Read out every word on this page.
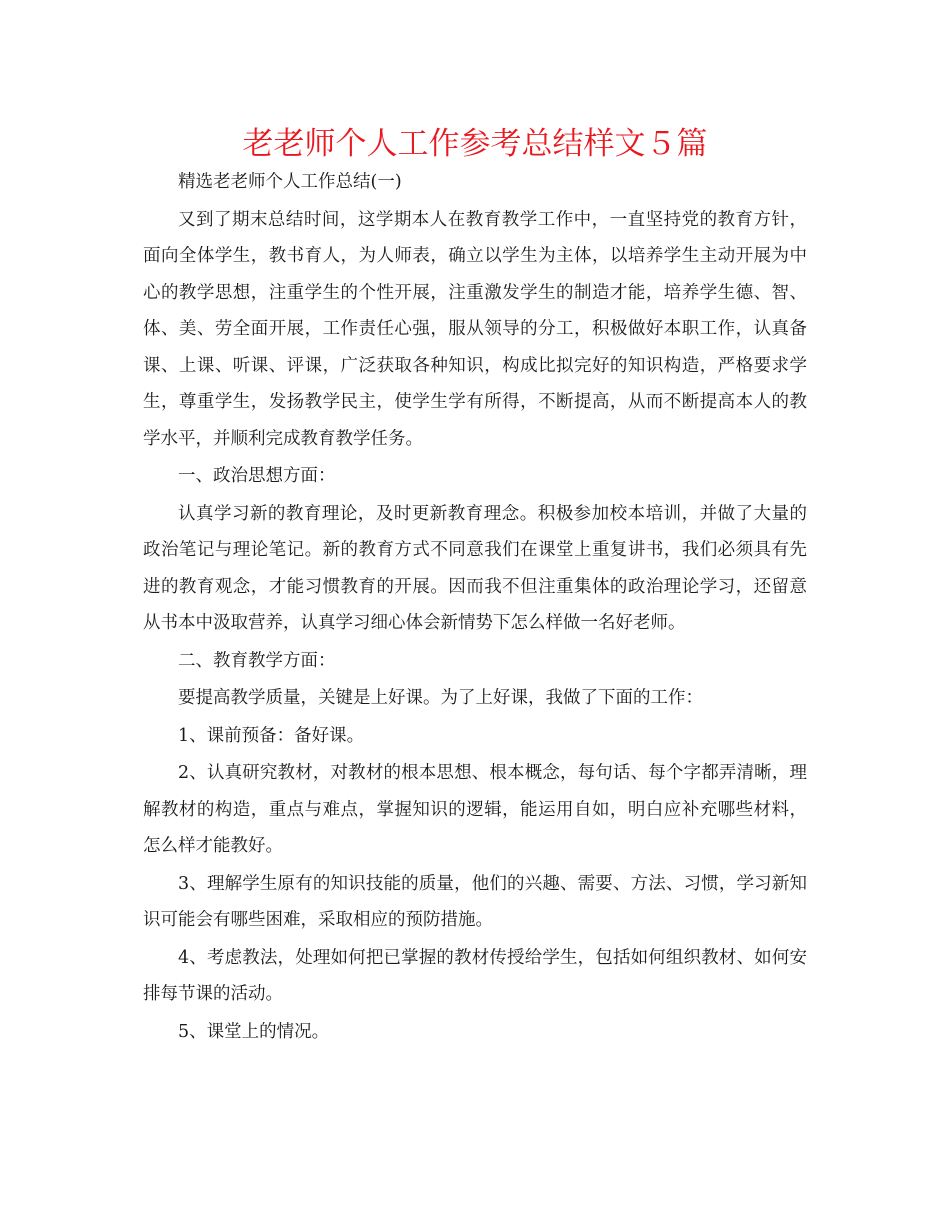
老老师个人工作参考总结样文５篇

精选老老师个人工作总结(一)

又到了期末总结时间，这学期本人在教育教学工作中，一直坚持党的教育方针，面向全体学生，教书育人，为人师表，确立以学生为主体，以培养学生主动开展为中心的教学思想，注重学生的个性开展，注重激发学生的制造才能，培养学生德、智、体、美、劳全面开展，工作责任心强，服从领导的分工，积极做好本职工作，认真备课、上课、听课、评课，广泛获取各种知识，构成比拟完好的知识构造，严格要求学生，尊重学生，发扬教学民主，使学生学有所得，不断提高，从而不断提高本人的教学水平，并顺利完成教育教学任务。

一、政治思想方面：

认真学习新的教育理论，及时更新教育理念。积极参加校本培训，并做了大量的政治笔记与理论笔记。新的教育方式不同意我们在课堂上重复讲书，我们必须具有先进的教育观念，才能习惯教育的开展。因而我不但注重集体的政治理论学习，还留意从书本中汲取营养，认真学习细心体会新情势下怎么样做一名好老师。

二、教育教学方面：

要提高教学质量，关键是上好课。为了上好课，我做了下面的工作：

1、课前预备：备好课。

2、认真研究教材，对教材的根本思想、根本概念，每句话、每个字都弄清晰，理解教材的构造，重点与难点，掌握知识的逻辑，能运用自如，明白应补充哪些材料，怎么样才能教好。

3、理解学生原有的知识技能的质量，他们的兴趣、需要、方法、习惯，学习新知识可能会有哪些困难，采取相应的预防措施。

4、考虑教法，处理如何把已掌握的教材传授给学生，包括如何组织教材、如何安排每节课的活动。

5、课堂上的情况。
